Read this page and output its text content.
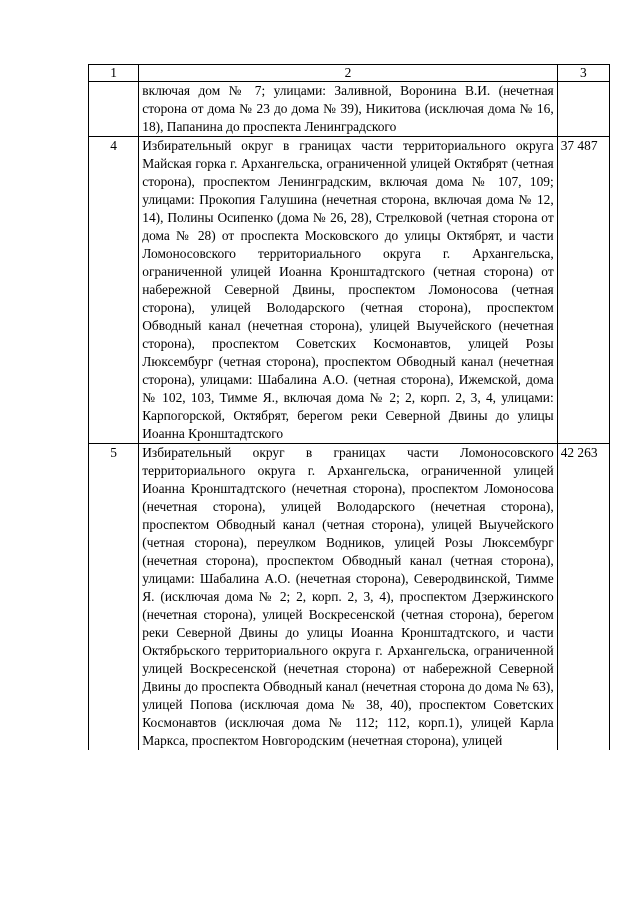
1	2	3

	включая дом № 7; улицами: Заливной, Воронина В.И. (нечетная сторона от дома № 23 до дома № 39), Никитова (исключая дома № 16, 18), Папанина до проспекта Ленинградского	

4	Избирательный округ в границах части территориального округа Майская горка г. Архангельска, ограниченной улицей Октябрят (четная сторона), проспектом Ленинградским, включая дома № 107, 109; улицами: Прокопия Галушина (нечетная сторона, включая дома № 12, 14), Полины Осипенко (дома № 26, 28), Стрелковой (четная сторона от дома № 28) от проспекта Московского до улицы Октябрят, и части Ломоносовского территориального округа г. Архангельска, ограниченной улицей Иоанна Кронштадтского (четная сторона) от набережной Северной Двины, проспектом Ломоносова (четная сторона), улицей Володарского (четная сторона), проспектом Обводный канал (нечетная сторона), улицей Выучейского (нечетная сторона), проспектом Советских Космонавтов, улицей Розы Люксембург (четная сторона), проспектом Обводный канал (нечетная сторона), улицами: Шабалина А.О. (четная сторона), Ижемской, дома № 102, 103, Тимме Я., включая дома № 2; 2, корп. 2, 3, 4, улицами: Карпогорской, Октябрят, берегом реки Северной Двины до улицы Иоанна Кронштадтского	37 487
5	Избирательный округ в границах части Ломоносовского территориального округа г. Архангельска, ограниченной улицей Иоанна Кронштадтского (нечетная сторона), проспектом Ломоносова (нечетная сторона), улицей Володарского (нечетная сторона), проспектом Обводный канал (четная сторона), улицей Выучейского (четная сторона), переулком Водников, улицей Розы Люксембург (нечетная сторона), проспектом Обводный канал (четная сторона), улицами: Шабалина А.О. (нечетная сторона), Северодвинской, Тимме Я. (исключая дома № 2; 2, корп. 2, 3, 4), проспектом Дзержинского (нечетная сторона), улицей Воскресенской (четная сторона), берегом реки Северной Двины до улицы Иоанна Кронштадтского, и части Октябрьского территориального округа г. Архангельска, ограниченной улицей Воскресенской (нечетная сторона) от набережной Северной Двины до проспекта Обводный канал (нечетная сторона до дома № 63), улицей Попова (исключая дома № 38, 40), проспектом Советских Космонавтов (исключая дома № 112; 112, корп.1), улицей Карла Маркса, проспектом Новгородским (нечетная сторона), улицей	42 263
